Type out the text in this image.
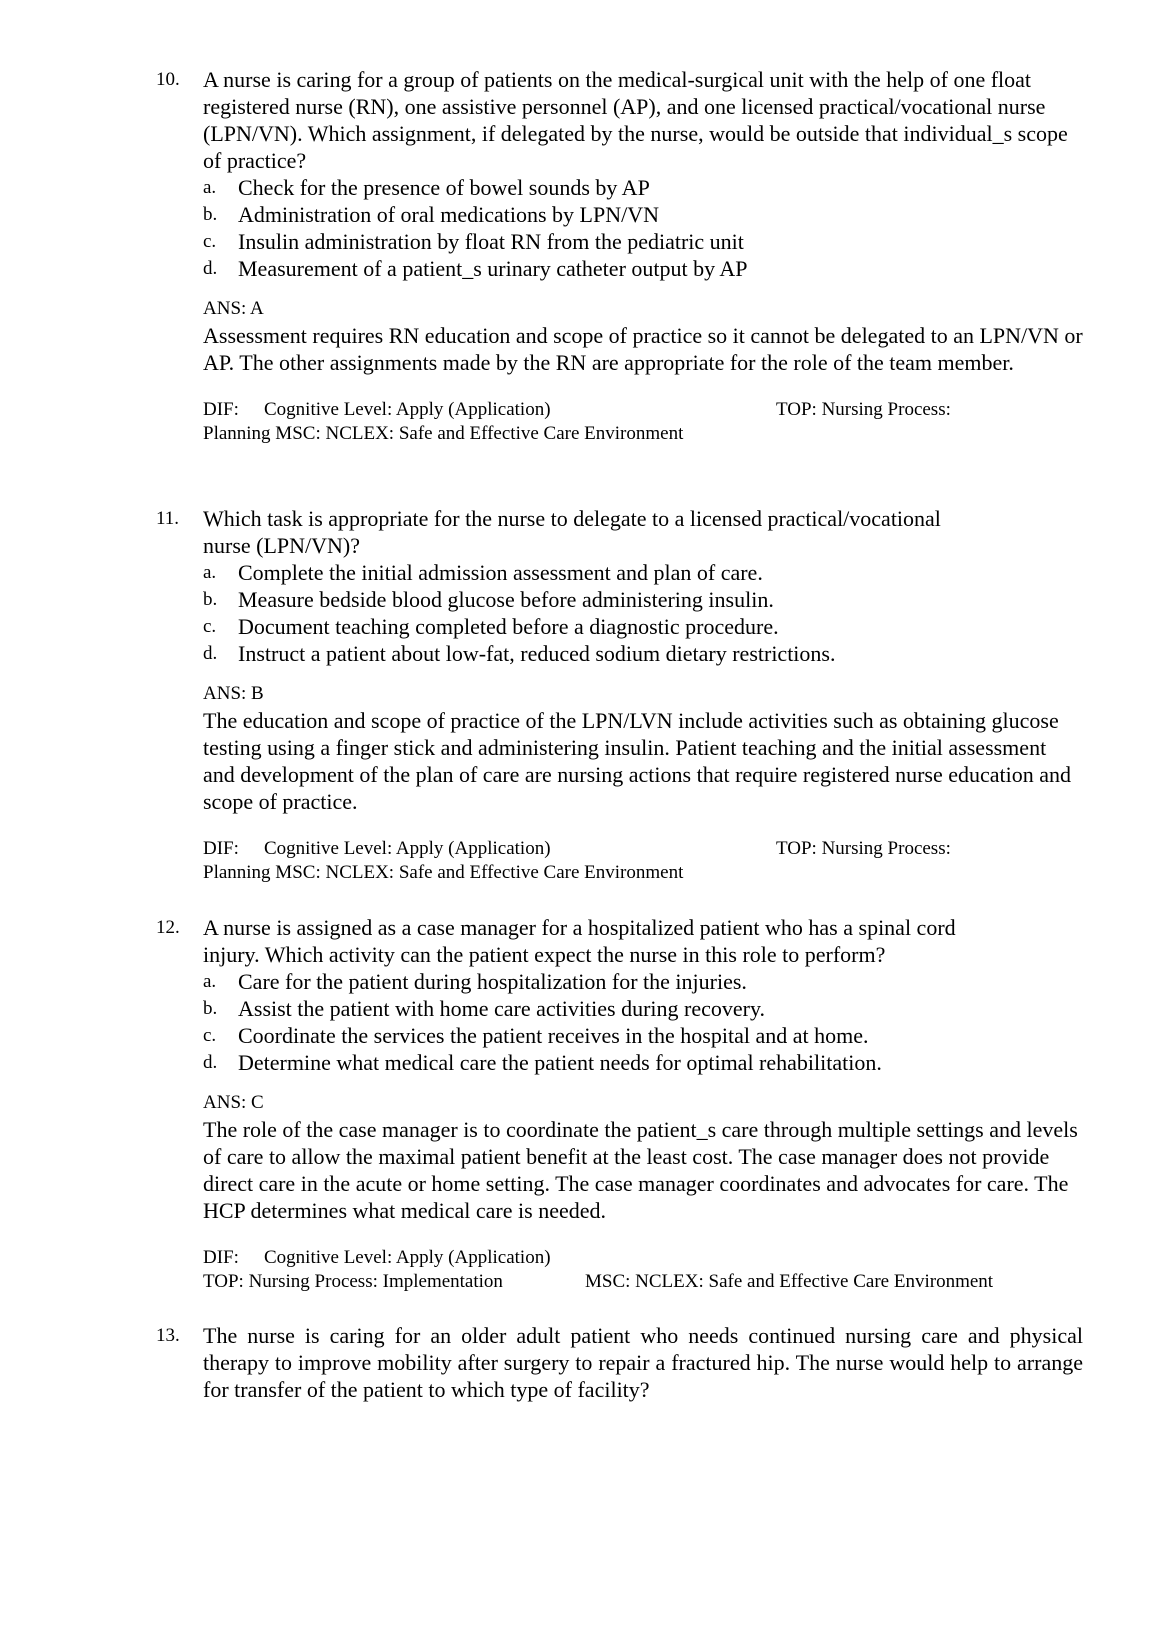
10. A nurse is caring for a group of patients on the medical-surgical unit with the help of one float registered nurse (RN), one assistive personnel (AP), and one licensed practical/vocational nurse (LPN/VN). Which assignment, if delegated by the nurse, would be outside that individual_s scope of practice?
a. Check for the presence of bowel sounds by AP
b. Administration of oral medications by LPN/VN
c. Insulin administration by float RN from the pediatric unit
d. Measurement of a patient_s urinary catheter output by AP
ANS: A
Assessment requires RN education and scope of practice so it cannot be delegated to an LPN/VN or AP. The other assignments made by the RN are appropriate for the role of the team member.
DIF: Cognitive Level: Apply (Application)	TOP: Nursing Process:
Planning MSC: NCLEX: Safe and Effective Care Environment
11. Which task is appropriate for the nurse to delegate to a licensed practical/vocational nurse (LPN/VN)?
a. Complete the initial admission assessment and plan of care.
b. Measure bedside blood glucose before administering insulin.
c. Document teaching completed before a diagnostic procedure.
d. Instruct a patient about low-fat, reduced sodium dietary restrictions.
ANS: B
The education and scope of practice of the LPN/LVN include activities such as obtaining glucose testing using a finger stick and administering insulin. Patient teaching and the initial assessment and development of the plan of care are nursing actions that require registered nurse education and scope of practice.
DIF: Cognitive Level: Apply (Application)	TOP: Nursing Process:
Planning MSC: NCLEX: Safe and Effective Care Environment
12. A nurse is assigned as a case manager for a hospitalized patient who has a spinal cord injury. Which activity can the patient expect the nurse in this role to perform?
a. Care for the patient during hospitalization for the injuries.
b. Assist the patient with home care activities during recovery.
c. Coordinate the services the patient receives in the hospital and at home.
d. Determine what medical care the patient needs for optimal rehabilitation.
ANS: C
The role of the case manager is to coordinate the patient_s care through multiple settings and levels of care to allow the maximal patient benefit at the least cost. The case manager does not provide direct care in the acute or home setting. The case manager coordinates and advocates for care. The HCP determines what medical care is needed.
DIF: Cognitive Level: Apply (Application)
TOP: Nursing Process: Implementation	MSC: NCLEX: Safe and Effective Care Environment
13. The nurse is caring for an older adult patient who needs continued nursing care and physical therapy to improve mobility after surgery to repair a fractured hip. The nurse would help to arrange for transfer of the patient to which type of facility?
